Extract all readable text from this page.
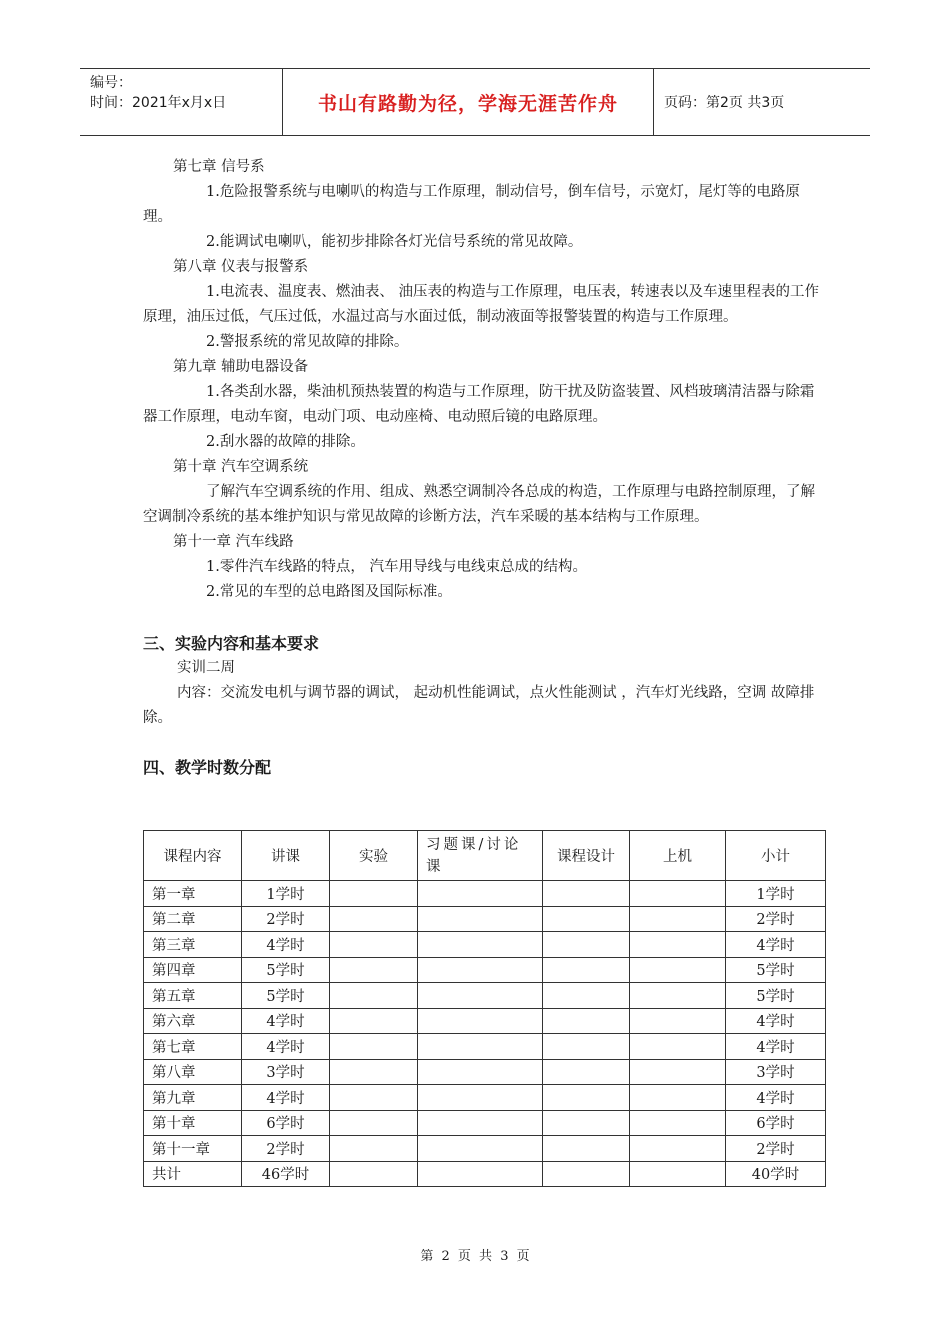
编号：
时间：2021年x月x日	书山有路勤为径，学海无涯苦作舟	页码：第2页 共3页
第七章 信号系
1.危险报警系统与电喇叭的构造与工作原理，制动信号，倒车信号，示宽灯，尾灯等的电路原理。
2.能调试电喇叭，能初步排除各灯光信号系统的常见故障。
第八章 仪表与报警系
1.电流表、温度表、燃油表、 油压表的构造与工作原理，电压表，转速表以及车速里程表的工作原理，油压过低，气压过低，水温过高与水面过低，制动液面等报警装置的构造与工作原理。
2.警报系统的常见故障的排除。
第九章 辅助电器设备
1.各类刮水器，柴油机预热装置的构造与工作原理，防干扰及防盗装置、风档玻璃清洁器与除霜器工作原理，电动车窗，电动门项、电动座椅、电动照后镜的电路原理。
2.刮水器的故障的排除。
第十章 汽车空调系统
了解汽车空调系统的作用、组成、熟悉空调制冷各总成的构造，工作原理与电路控制原理，了解空调制冷系统的基本维护知识与常见故障的诊断方法，汽车采暖的基本结构与工作原理。
第十一章 汽车线路
1.零件汽车线路的特点， 汽车用导线与电线束总成的结构。
2.常见的车型的总电路图及国际标准。
三、实验内容和基本要求
实训二周
内容：交流发电机与调节器的调试， 起动机性能调试，点火性能测试 ，汽车灯光线路，空调 故障排除。
四、教学时数分配
课程内容	讲课	实验	习题课/讨论课	课程设计	上机	小计
第一章	1学时					1学时
第二章	2学时					2学时
第三章	4学时					4学时
第四章	5学时					5学时
第五章	5学时					5学时
第六章	4学时					4学时
第七章	4学时					4学时
第八章	3学时					3学时
第九章	4学时					4学时
第十章	6学时					6学时
第十一章	2学时					2学时
共计	46学时					40学时
第 2 页 共 3 页
